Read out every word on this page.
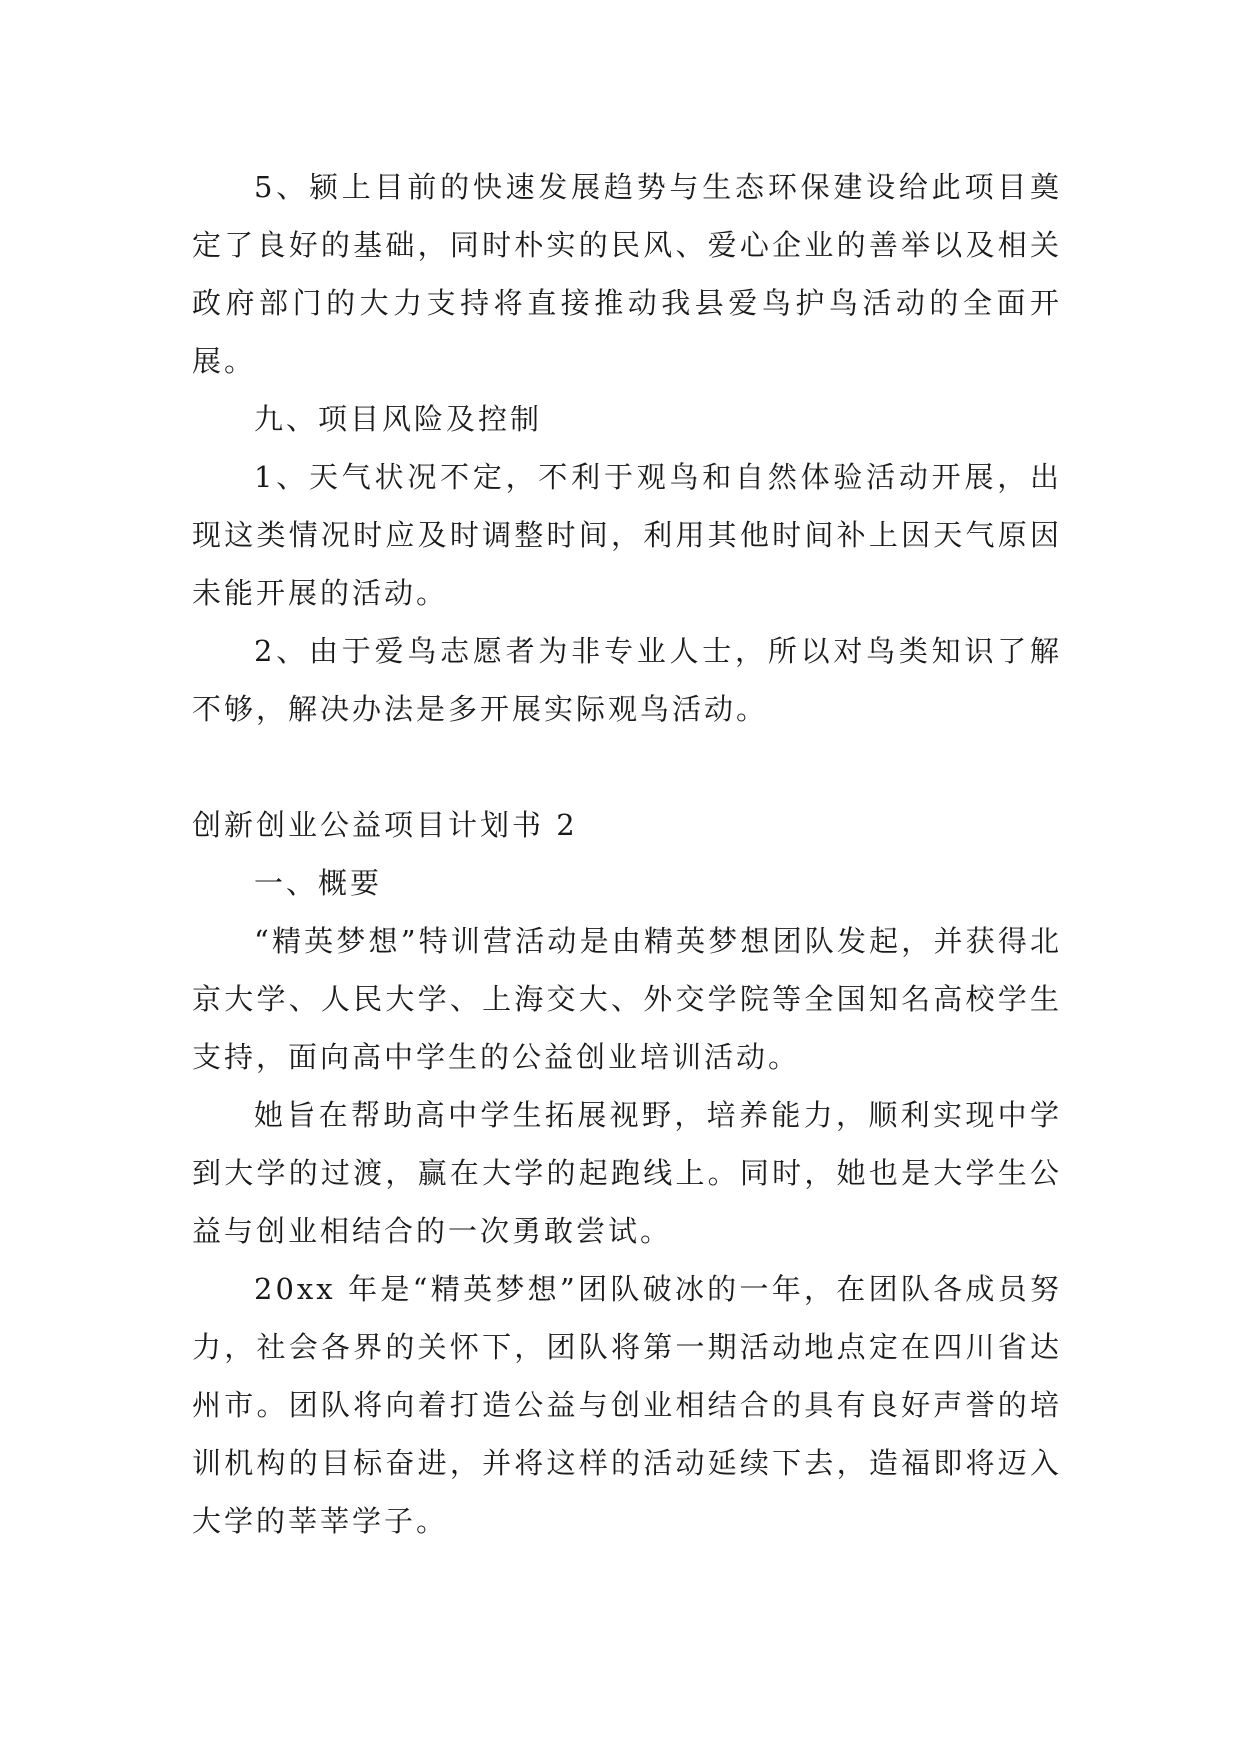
5、颍上目前的快速发展趋势与生态环保建设给此项目奠定了良好的基础，同时朴实的民风、爱心企业的善举以及相关政府部门的大力支持将直接推动我县爱鸟护鸟活动的全面开展。

九、项目风险及控制

1、天气状况不定，不利于观鸟和自然体验活动开展，出现这类情况时应及时调整时间，利用其他时间补上因天气原因未能开展的活动。

2、由于爱鸟志愿者为非专业人士，所以对鸟类知识了解不够，解决办法是多开展实际观鸟活动。

创新创业公益项目计划书 2

一、概要

“精英梦想”特训营活动是由精英梦想团队发起，并获得北京大学、人民大学、上海交大、外交学院等全国知名高校学生支持，面向高中学生的公益创业培训活动。

她旨在帮助高中学生拓展视野，培养能力，顺利实现中学到大学的过渡，赢在大学的起跑线上。同时，她也是大学生公益与创业相结合的一次勇敢尝试。

20xx 年是“精英梦想”团队破冰的一年，在团队各成员努力，社会各界的关怀下，团队将第一期活动地点定在四川省达州市。团队将向着打造公益与创业相结合的具有良好声誉的培训机构的目标奋进，并将这样的活动延续下去，造福即将迈入大学的莘莘学子。
